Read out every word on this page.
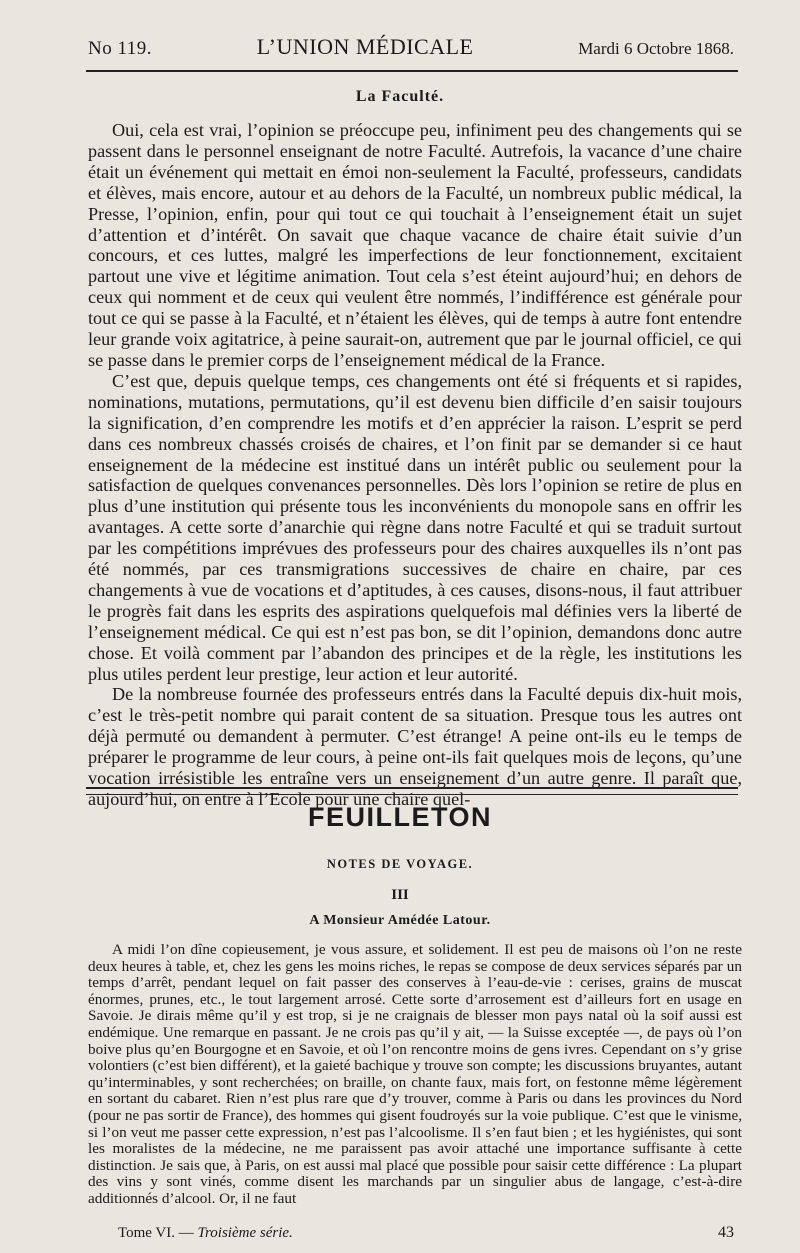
No 119.	L’UNION MÉDICALE	Mardi 6 Octobre 1868.
La Faculté.

Oui, cela est vrai, l’opinion se préoccupe peu, infiniment peu des changements qui se passent dans le personnel enseignant de notre Faculté. Autrefois, la vacance d’une chaire était un événement qui mettait en émoi non-seulement la Faculté, professeurs, candidats et élèves, mais encore, autour et au dehors de la Faculté, un nombreux public médical, la Presse, l’opinion, enfin, pour qui tout ce qui touchait à l’enseignement était un sujet d’attention et d’intérêt. On savait que chaque vacance de chaire était suivie d’un concours, et ces luttes, malgré les imperfections de leur fonctionnement, excitaient partout une vive et légitime animation. Tout cela s’est éteint aujourd’hui; en dehors de ceux qui nomment et de ceux qui veulent être nommés, l’indifférence est générale pour tout ce qui se passe à la Faculté, et n’étaient les élèves, qui de temps à autre font entendre leur grande voix agitatrice, à peine saurait-on, autrement que par le journal officiel, ce qui se passe dans le premier corps de l’enseignement médical de la France.

C’est que, depuis quelque temps, ces changements ont été si fréquents et si rapides, nominations, mutations, permutations, qu’il est devenu bien difficile d’en saisir toujours la signification, d’en comprendre les motifs et d’en apprécier la raison. L’esprit se perd dans ces nombreux chassés croisés de chaires, et l’on finit par se demander si ce haut enseignement de la médecine est institué dans un intérêt public ou seulement pour la satisfaction de quelques convenances personnelles. Dès lors l’opinion se retire de plus en plus d’une institution qui présente tous les inconvénients du monopole sans en offrir les avantages. A cette sorte d’anarchie qui règne dans notre Faculté et qui se traduit surtout par les compétitions imprévues des professeurs pour des chaires auxquelles ils n’ont pas été nommés, par ces transmigrations successives de chaire en chaire, par ces changements à vue de vocations et d’aptitudes, à ces causes, disons-nous, il faut attribuer le progrès fait dans les esprits des aspirations quelquefois mal définies vers la liberté de l’enseignement médical. Ce qui est n’est pas bon, se dit l’opinion, demandons donc autre chose. Et voilà comment par l’abandon des principes et de la règle, les institutions les plus utiles perdent leur prestige, leur action et leur autorité.

De la nombreuse fournée des professeurs entrés dans la Faculté depuis dix-huit mois, c’est le très-petit nombre qui parait content de sa situation. Presque tous les autres ont déjà permuté ou demandent à permuter. C’est étrange! A peine ont-ils eu le temps de préparer le programme de leur cours, à peine ont-ils fait quelques mois de leçons, qu’une vocation irrésistible les entraîne vers un enseignement d’un autre genre. Il paraît que, aujourd’hui, on entre à l’Ecole pour une chaire quel-

FEUILLETON
NOTES DE VOYAGE.
III
A Monsieur Amédée Latour.

A midi l’on dîne copieusement, je vous assure, et solidement. Il est peu de maisons où l’on ne reste deux heures à table, et, chez les gens les moins riches, le repas se compose de deux services séparés par un temps d’arrêt, pendant lequel on fait passer des conserves à l’eau-de-vie : cerises, grains de muscat énormes, prunes, etc., le tout largement arrosé. Cette sorte d’arrosement est d’ailleurs fort en usage en Savoie. Je dirais même qu’il y est trop, si je ne craignais de blesser mon pays natal où la soif aussi est endémique. Une remarque en passant. Je ne crois pas qu’il y ait, — la Suisse exceptée —, de pays où l’on boive plus qu’en Bourgogne et en Savoie, et où l’on rencontre moins de gens ivres. Cependant on s’y grise volontiers (c’est bien différent), et la gaieté bachique y trouve son compte; les discussions bruyantes, autant qu’interminables, y sont recherchées; on braille, on chante faux, mais fort, on festonne même légèrement en sortant du cabaret. Rien n’est plus rare que d’y trouver, comme à Paris ou dans les provinces du Nord (pour ne pas sortir de France), des hommes qui gisent foudroyés sur la voie publique. C’est que le vinisme, si l’on veut me passer cette expression, n’est pas l’alcoolisme. Il s’en faut bien ; et les hygiénistes, qui sont les moralistes de la médecine, ne me paraissent pas avoir attaché une importance suffisante à cette distinction. Je sais que, à Paris, on est aussi mal placé que possible pour saisir cette différence : La plupart des vins y sont vinés, comme disent les marchands par un singulier abus de langage, c’est-à-dire additionnés d’alcool. Or, il ne faut

Tome VI. — Troisième série.	43
